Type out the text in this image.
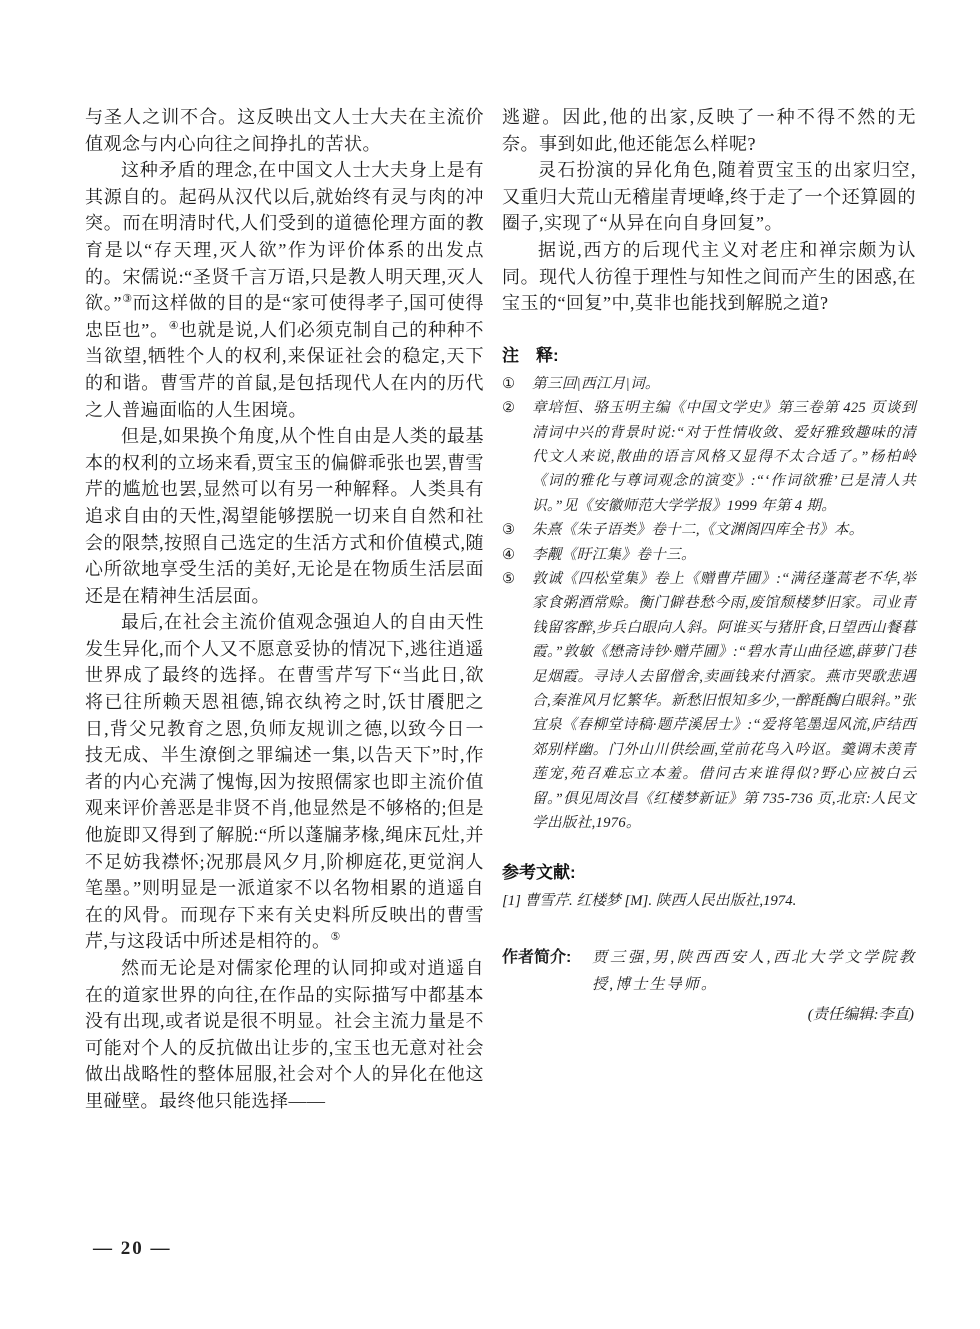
与圣人之训不合。这反映出文人士大夫在主流价值观念与内心向往之间挣扎的苦状。

这种矛盾的理念,在中国文人士大夫身上是有其源自的。起码从汉代以后,就始终有灵与肉的冲突。而在明清时代,人们受到的道德伦理方面的教育是以“存天理,灭人欲”作为评价体系的出发点的。宋儒说:“圣贤千言万语,只是教人明天理,灭人欲。”③而这样做的目的是“家可使得孝子,国可使得忠臣也”。④也就是说,人们必须克制自己的种种不当欲望,牺牲个人的权利,来保证社会的稳定,天下的和谐。曹雪芹的首鼠,是包括现代人在内的历代之人普遍面临的人生困境。

但是,如果换个角度,从个性自由是人类的最基本的权利的立场来看,贾宝玉的偏僻乖张也罢,曹雪芹的尴尬也罢,显然可以有另一种解释。人类具有追求自由的天性,渴望能够摆脱一切来自自然和社会的限禁,按照自己选定的生活方式和价值模式,随心所欲地享受生活的美好,无论是在物质生活层面还是在精神生活层面。

最后,在社会主流价值观念强迫人的自由天性发生异化,而个人又不愿意妥协的情况下,逃往逍遥世界成了最终的选择。在曹雪芹写下“当此日,欲将已往所赖天恩祖德,锦衣纨袴之时,饫甘餍肥之日,背父兄教育之恩,负师友规训之德,以致今日一技无成、半生潦倒之罪编述一集,以告天下”时,作者的内心充满了愧悔,因为按照儒家也即主流价值观来评价善恶是非贤不肖,他显然是不够格的;但是他旋即又得到了解脱:“所以蓬牖茅椽,绳床瓦灶,并不足妨我襟怀;况那晨风夕月,阶柳庭花,更觉润人笔墨。”则明显是一派道家不以名物相累的逍遥自在的风骨。而现存下来有关史料所反映出的曹雪芹,与这段话中所述是相符的。⑤

然而无论是对儒家伦理的认同抑或对逍遥自在的道家世界的向往,在作品的实际描写中都基本没有出现,或者说是很不明显。社会主流力量是不可能对个人的反抗做出让步的,宝玉也无意对社会做出战略性的整体屈服,社会对个人的异化在他这里碰壁。最终他只能选择——

逃避。因此,他的出家,反映了一种不得不然的无奈。事到如此,他还能怎么样呢?

灵石扮演的异化角色,随着贾宝玉的出家归空,又重归大荒山无稽崖青埂峰,终于走了一个还算圆的圈子,实现了“从异在向自身回复”。

据说,西方的后现代主义对老庄和禅宗颇为认同。现代人彷徨于理性与知性之间而产生的困惑,在宝玉的“回复”中,莫非也能找到解脱之道?

注　释:
① 第三回|西江月|词。
② 章培恒、骆玉明主编《中国文学史》第三卷第 425 页谈到清词中兴的背景时说:“对于性情收敛、爱好雅致趣味的清代文人来说,散曲的语言风格又显得不太合适了。”杨柏岭《词的雅化与尊词观念的演变》:“‘作词欲雅’已是清人共识。”见《安徽师范大学学报》1999 年第 4 期。
③ 朱熹《朱子语类》卷十二,《文渊阁四库全书》本。
④ 李觏《盱江集》卷十三。
⑤ 敦诚《四松堂集》卷上《赠曹芹圃》:“满径蓬蒿老不华,举家食粥酒常赊。衡门僻巷愁今雨,废馆颓楼梦旧家。司业青钱留客醉,步兵白眼向人斜。阿谁买与猪肝食,日望西山餐暮霞。”敦敏《懋斋诗钞·赠芹圃》:“碧水青山曲径遮,薜萝门巷足烟霞。寻诗人去留僧舍,卖画钱来付酒家。燕市哭歌悲遇合,秦淮风月忆繁华。新愁旧恨知多少,一醉酕醄白眼斜。”张宜泉《春柳堂诗稿·题芹溪居士》:“爱将笔墨逞风流,庐结西郊别样幽。门外山川供绘画,堂前花鸟入吟讴。羹调未羡青莲宠,苑召难忘立本羞。借问古来谁得似?野心应被白云留。”俱见周汝昌《红楼梦新证》第 735-736 页,北京:人民文学出版社,1976。
参考文献:
[1] 曹雪芹. 红楼梦 [M]. 陕西人民出版社,1974.
作者简介: 贾三强,男,陕西西安人,西北大学文学院教授,博士生导师。
(责任编辑:李直)
— 20 —
